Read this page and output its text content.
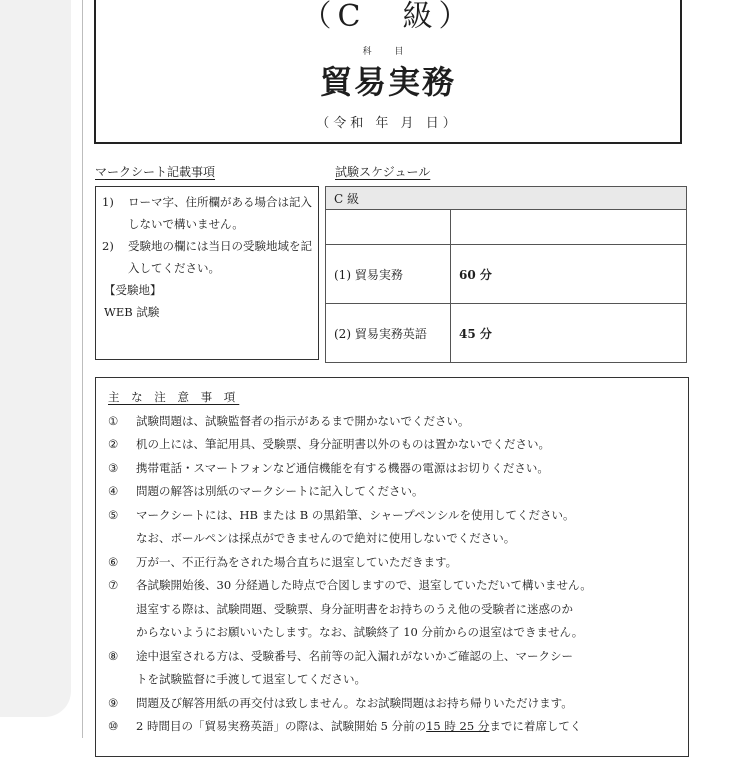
（C　級）
科 目
貿易実務
（令和 年 月 日）
マークシート記載事項
1)	ローマ字、住所欄がある場合は記入しないで構いません。
2)	受験地の欄には当日の受験地域を記入してください。
【受験地】
WEB 試験
試験スケジュール
C 級	

(1) 貿易実務	60 分
(2) 貿易実務英語	45 分
主 な 注 意 事 項
①	試験問題は、試験監督者の指示があるまで開かないでください。
②	机の上には、筆記用具、受験票、身分証明書以外のものは置かないでください。
③	携帯電話・スマートフォンなど通信機能を有する機器の電源はお切りください。
④	問題の解答は別紙のマークシートに記入してください。
⑤	マークシートには、HB または B の黒鉛筆、シャープペンシルを使用してください。
なお、ボールペンは採点ができませんので絶対に使用しないでください。
⑥	万が一、不正行為をされた場合直ちに退室していただきます。
⑦	各試験開始後、30 分経過した時点で合図しますので、退室していただいて構いません。
退室する際は、試験問題、受験票、身分証明書をお持ちのうえ他の受験者に迷惑のか
からないようにお願いいたします。なお、試験終了 10 分前からの退室はできません。
⑧	途中退室される方は、受験番号、名前等の記入漏れがないかご確認の上、マークシー
トを試験監督に手渡して退室してください。
⑨	問題及び解答用紙の再交付は致しません。なお試験問題はお持ち帰りいただけます。
⑩	2 時間目の「貿易実務英語」の際は、試験開始 5 分前の15 時 25 分までに着席してく
